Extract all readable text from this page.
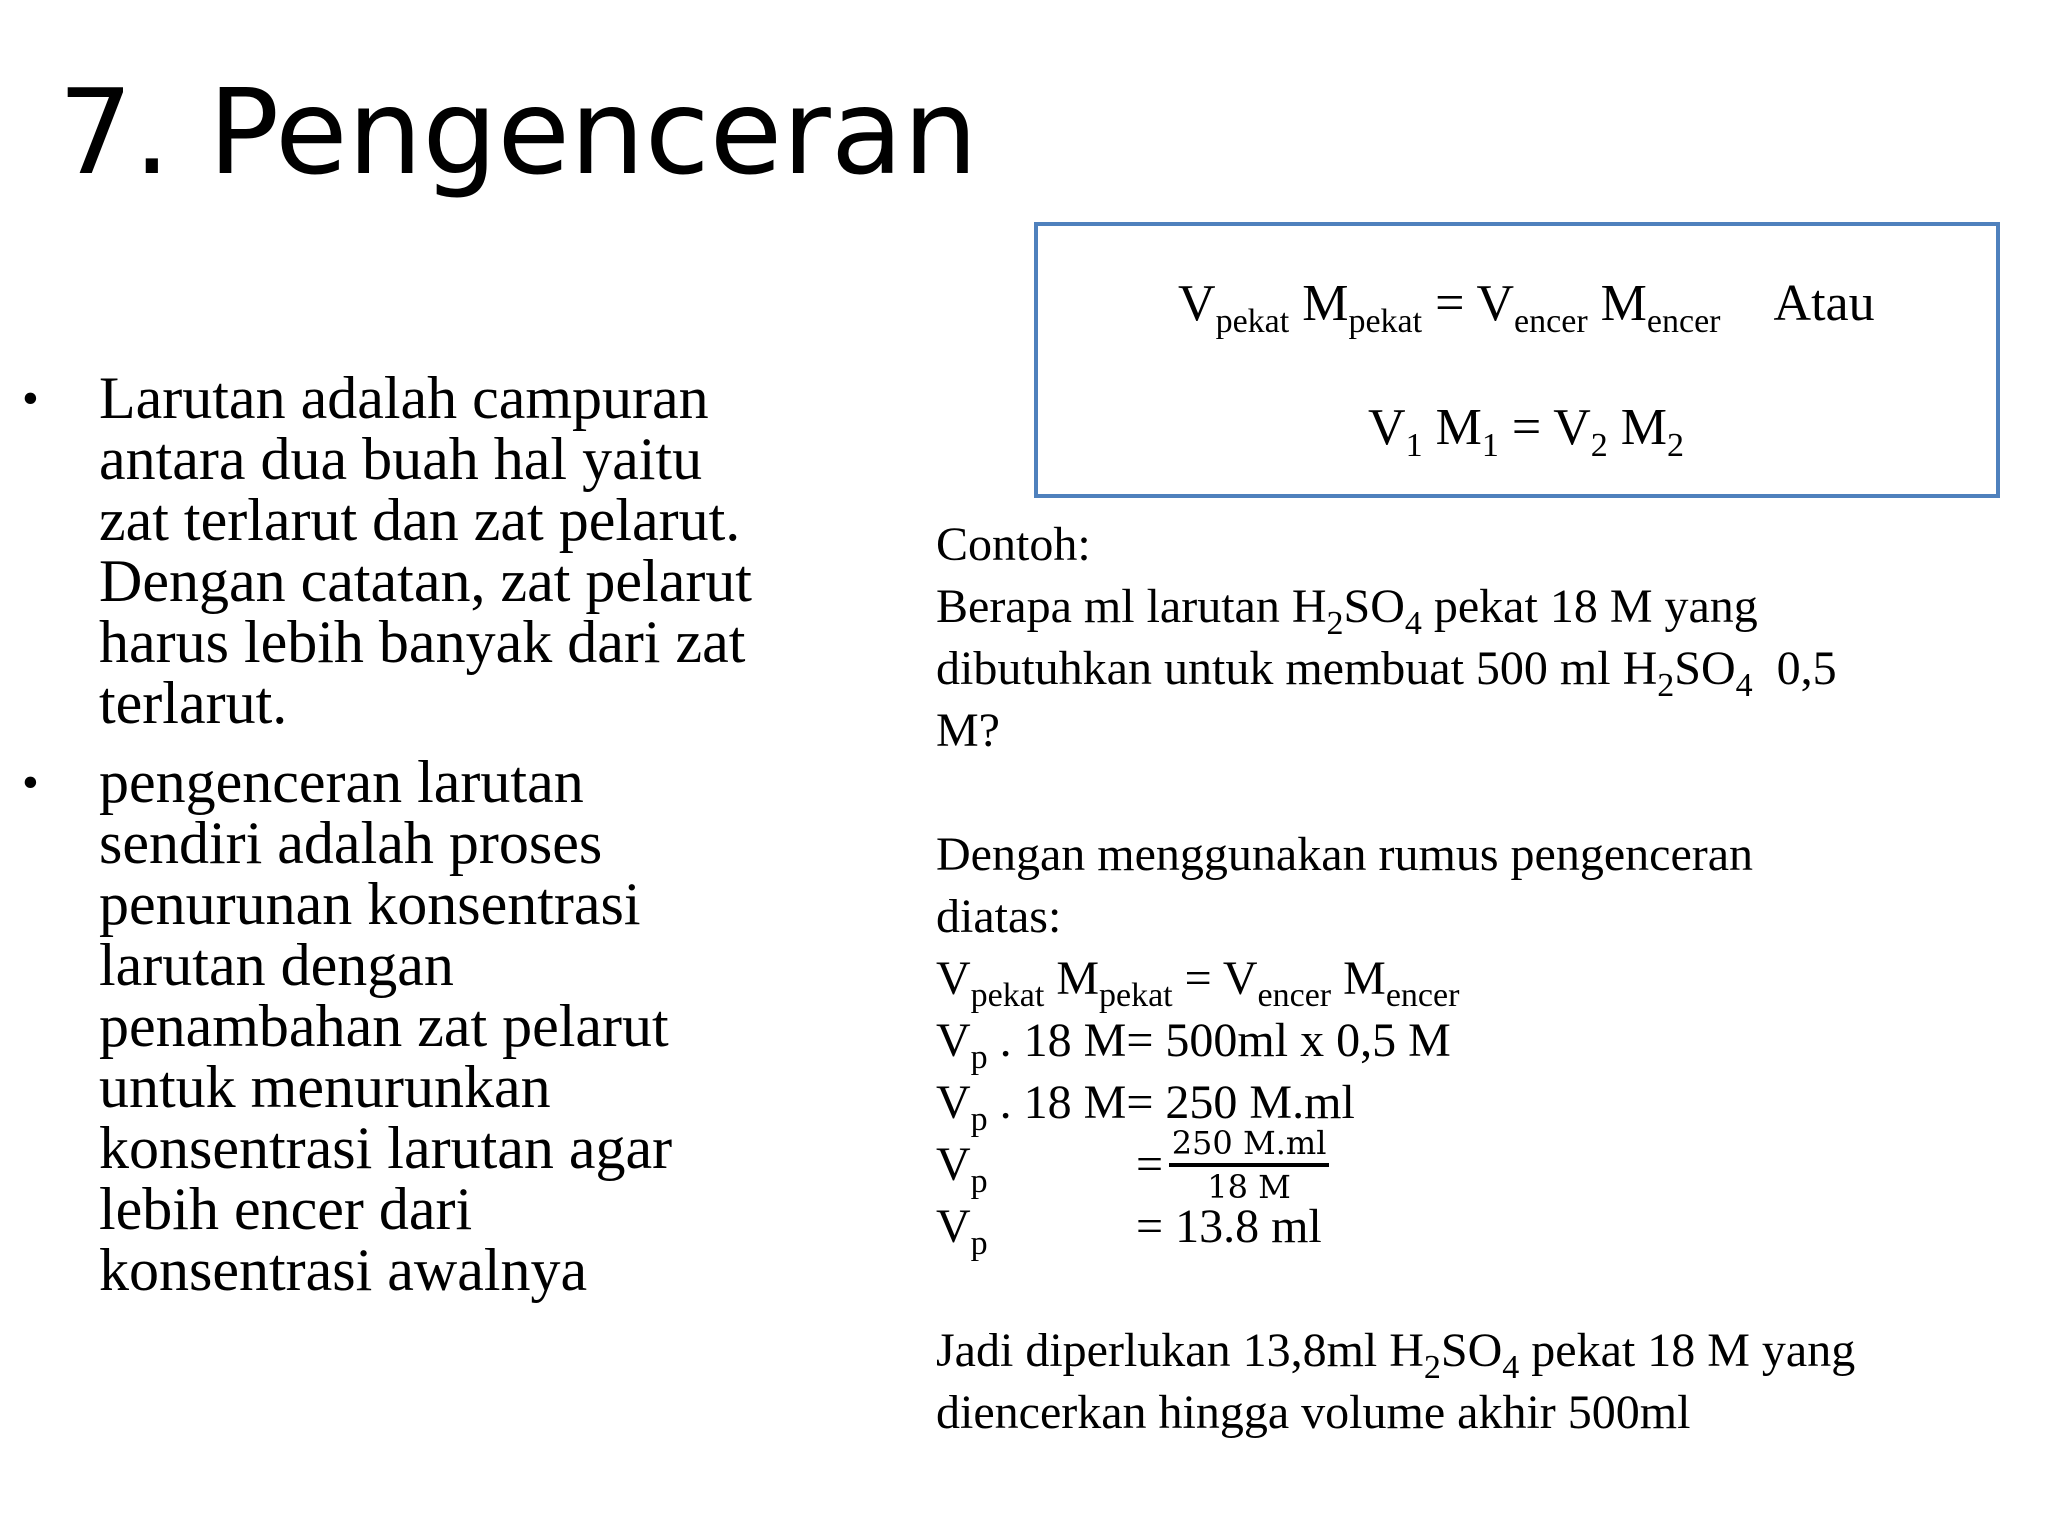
7. Pengenceran
• Larutan adalah campuran
antara dua buah hal yaitu
zat terlarut dan zat pelarut.
Dengan catatan, zat pelarut
harus lebih banyak dari zat
terlarut.
• pengenceran larutan
sendiri adalah proses
penurunan konsentrasi
larutan dengan
penambahan zat pelarut
untuk menurunkan
konsentrasi larutan agar
lebih encer dari
konsentrasi awalnya
$V_{pekat}$ $M_{pekat} = V_{encer}$ $M_{encer}$ Atau
$V_1$ $M_1 = V_2$ $M_2$

Contoh:

Berapa ml larutan $H_2SO_4$ pekat 18 M yang

dibutuhkan untuk membuat 500 ml $H_2SO_4$  0,5

M?

Dengan menggunakan rumus pengenceran

diatas:

$V_{pekat}$ $M_{pekat} = V_{encer}$ $M_{encer}$

$V_p$ . 18 M= 500ml x 0,5 M

$V_p$ . 18 M= 250 M.ml

$V_p$	= $\frac{250 M.ml}{18 M}$
$V_p$	= 13.8 ml

Jadi diperlukan 13,8ml $H_2SO_4$ pekat 18 M yang

diencerkan hingga volume akhir 500ml
